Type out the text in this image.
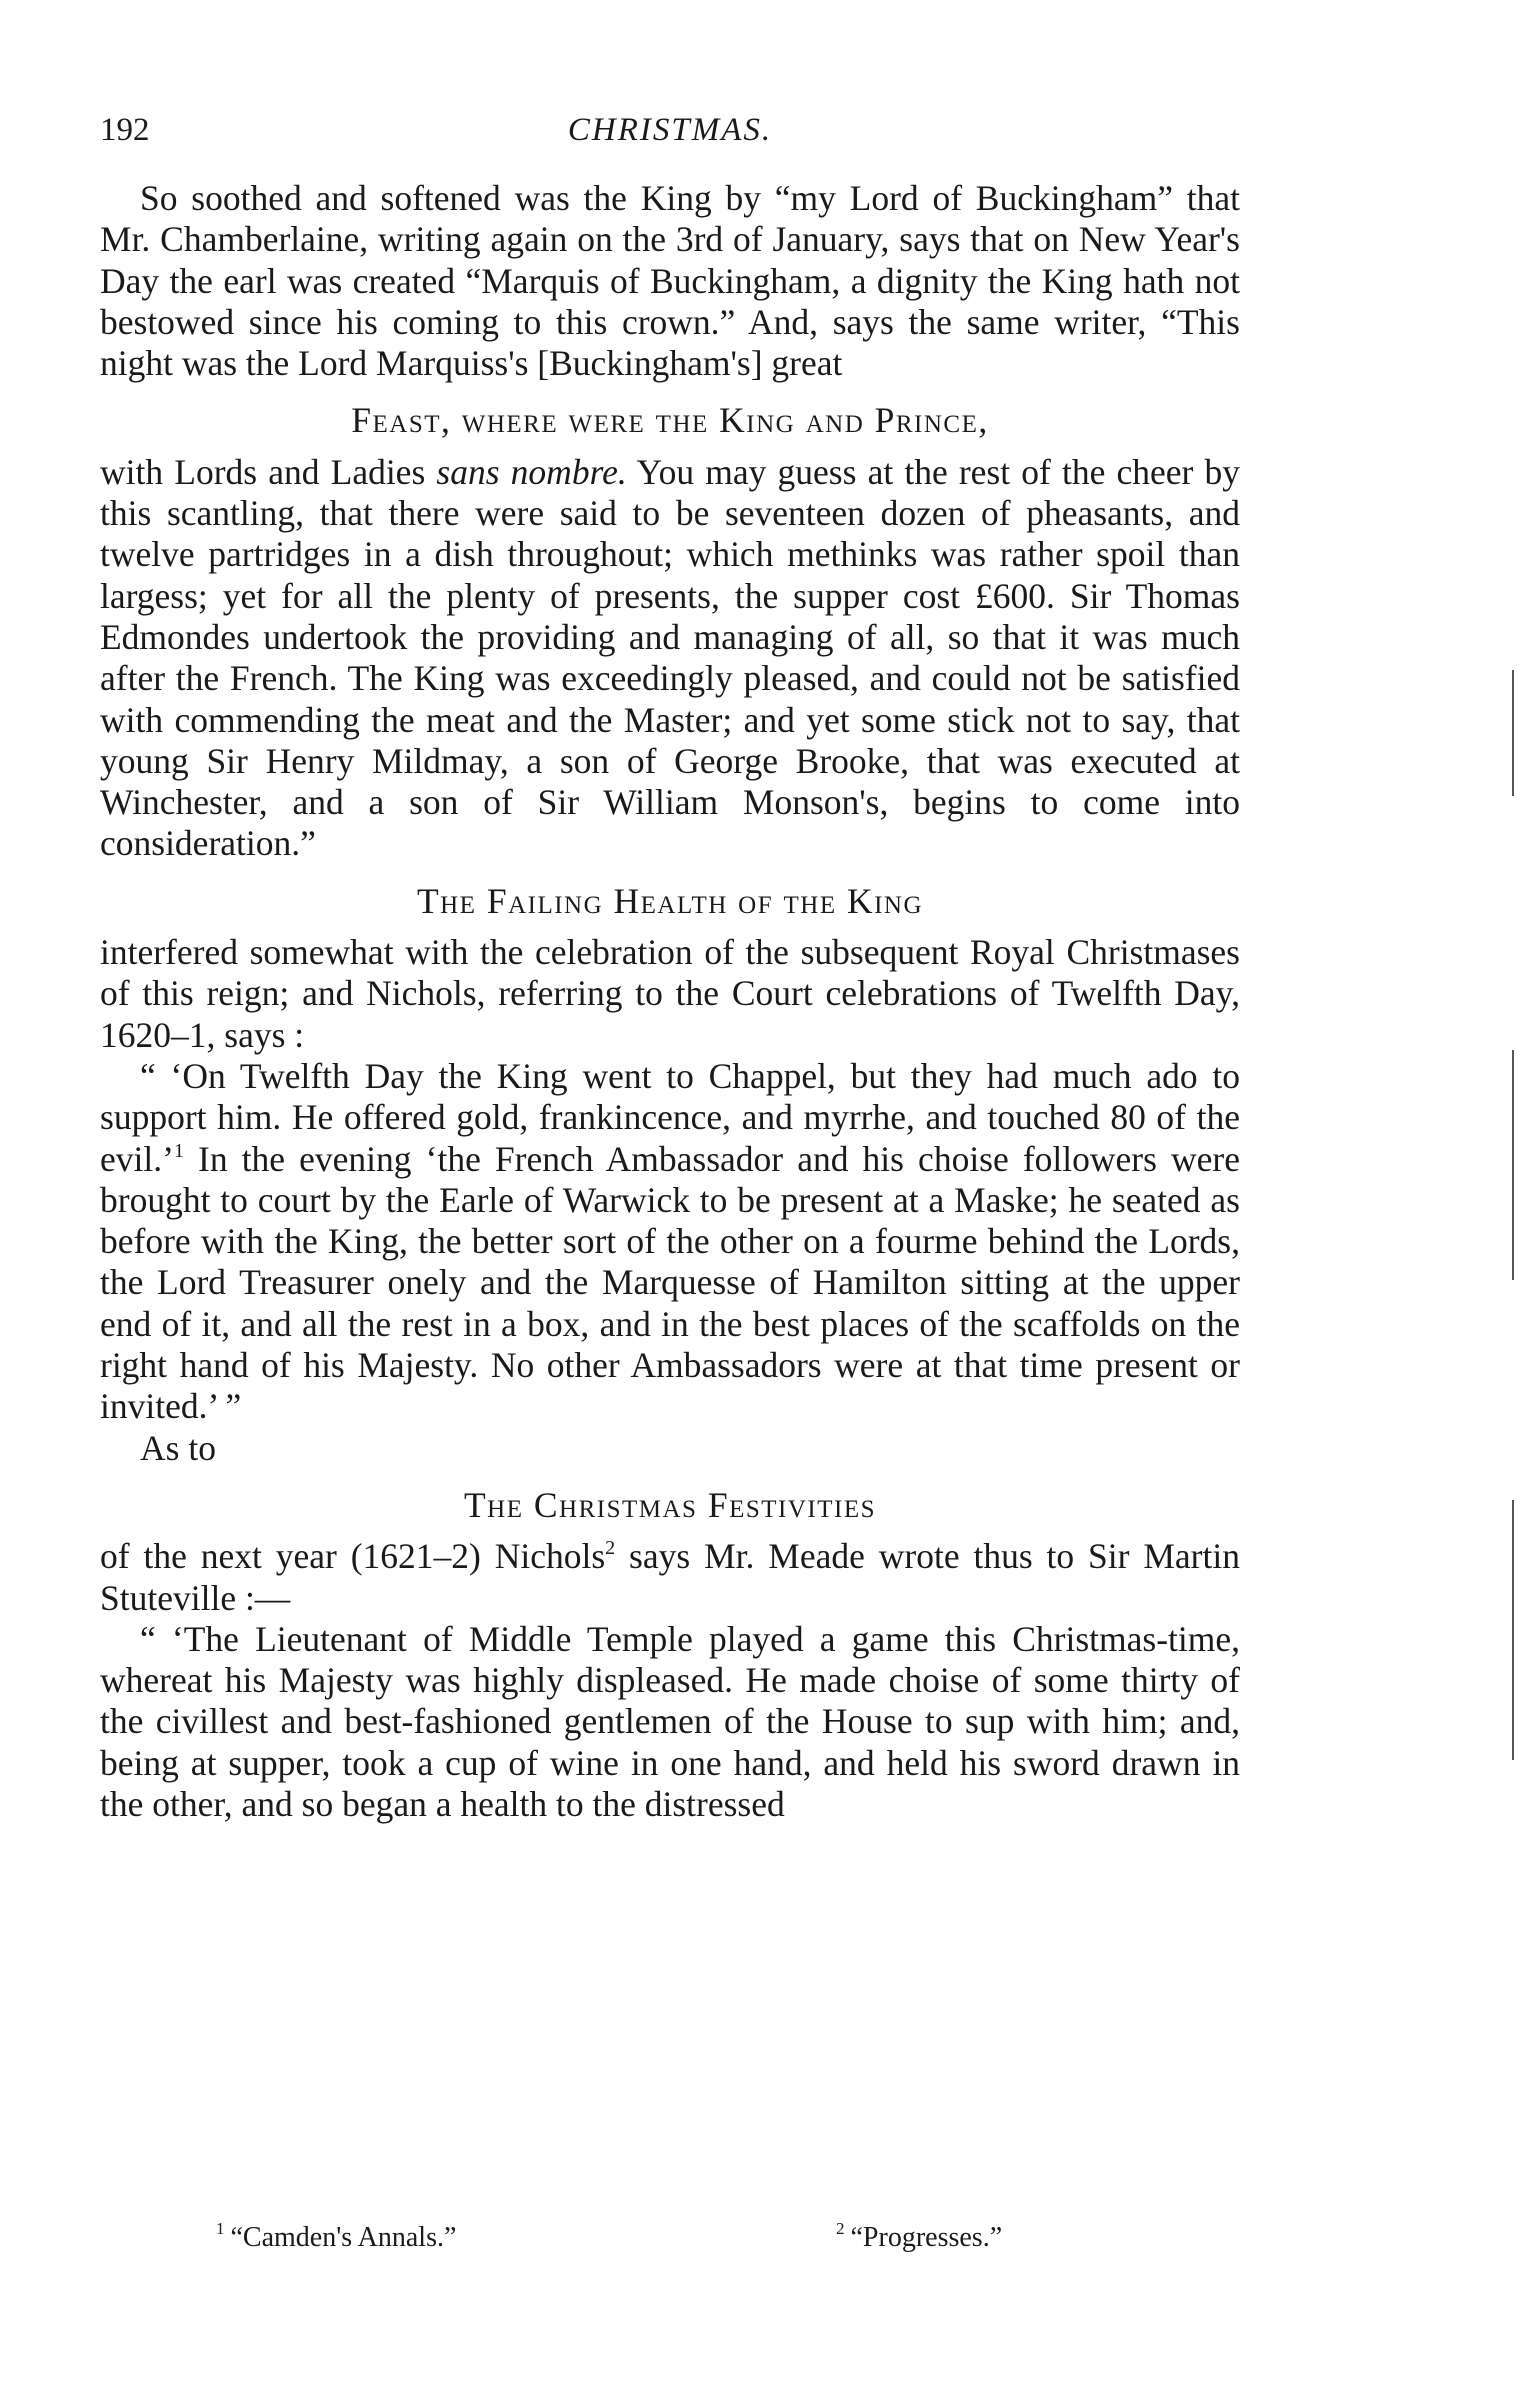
192	CHRISTMAS.

So soothed and softened was the King by “my Lord of Buckingham” that Mr. Chamberlaine, writing again on the 3rd of January, says that on New Year's Day the earl was created “Marquis of Buckingham, a dignity the King hath not bestowed since his coming to this crown.” And, says the same writer, “This night was the Lord Marquiss's [Buckingham's] great

Feast, where were the King and Prince,

with Lords and Ladies sans nombre. You may guess at the rest of the cheer by this scantling, that there were said to be seventeen dozen of pheasants, and twelve partridges in a dish throughout; which methinks was rather spoil than largess; yet for all the plenty of presents, the supper cost £600. Sir Thomas Edmondes undertook the providing and managing of all, so that it was much after the French. The King was exceedingly pleased, and could not be satisfied with commending the meat and the Master; and yet some stick not to say, that young Sir Henry Mildmay, a son of George Brooke, that was executed at Winchester, and a son of Sir William Monson's, begins to come into consideration.”

The Failing Health of the King

interfered somewhat with the celebration of the subsequent Royal Christmases of this reign; and Nichols, referring to the Court celebrations of Twelfth Day, 1620–1, says :

“ ‘On Twelfth Day the King went to Chappel, but they had much ado to support him. He offered gold, frankincence, and myrrhe, and touched 80 of the evil.’$^1$ In the evening ‘the French Ambassador and his choise followers were brought to court by the Earle of Warwick to be present at a Maske; he seated as before with the King, the better sort of the other on a fourme behind the Lords, the Lord Treasurer onely and the Marquesse of Hamilton sitting at the upper end of it, and all the rest in a box, and in the best places of the scaffolds on the right hand of his Majesty. No other Ambassadors were at that time present or invited.’ ”

As to

The Christmas Festivities

of the next year (1621–2) Nichols$^2$ says Mr. Meade wrote thus to Sir Martin Stuteville :—

“ ‘The Lieutenant of Middle Temple played a game this Christmas-time, whereat his Majesty was highly displeased. He made choise of some thirty of the civillest and best-fashioned gentlemen of the House to sup with him; and, being at supper, took a cup of wine in one hand, and held his sword drawn in the other, and so began a health to the distressed

$^1$ “Camden's Annals.”	$^2$ “Progresses.”
